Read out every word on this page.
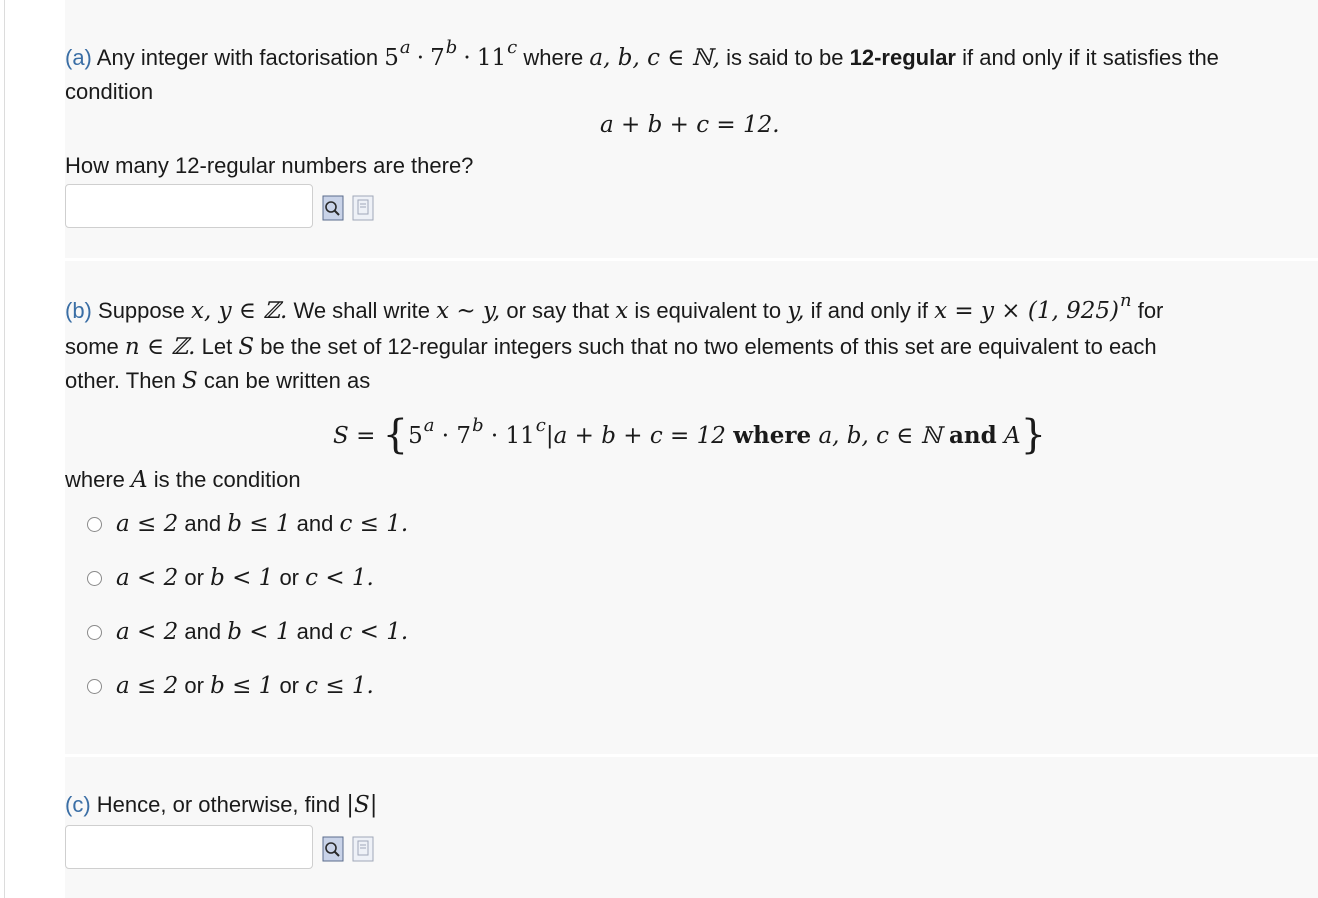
(a) Any integer with factorisation $5^a \cdot 7^b \cdot 11^c$ where a, b, c ∈ ℕ, is said to be 12-regular if and only if it satisfies the
condition
a + b + c = 12.
How many 12-regular numbers are there?
(b) Suppose x, y ∈ ℤ. We shall write x ∼ y, or say that x is equivalent to y, if and only if x = y × (1, 925)$^n$ for
some n ∈ ℤ. Let S be the set of 12-regular integers such that no two elements of this set are equivalent to each
other. Then S can be written as
$S = \{5^a \cdot 7^b \cdot 11^c|a + b + c = 12$ where a, b, c ∈ ℕ and A}
where A is the condition
a ≤ 2
and
b ≤ 1
and
c ≤ 1.
a < 2
or
b < 1
or
c < 1.
a < 2
and
b < 1
and
c < 1.
a ≤ 2
or
b ≤ 1
or
c ≤ 1.
(c) Hence, or otherwise, find |S|
